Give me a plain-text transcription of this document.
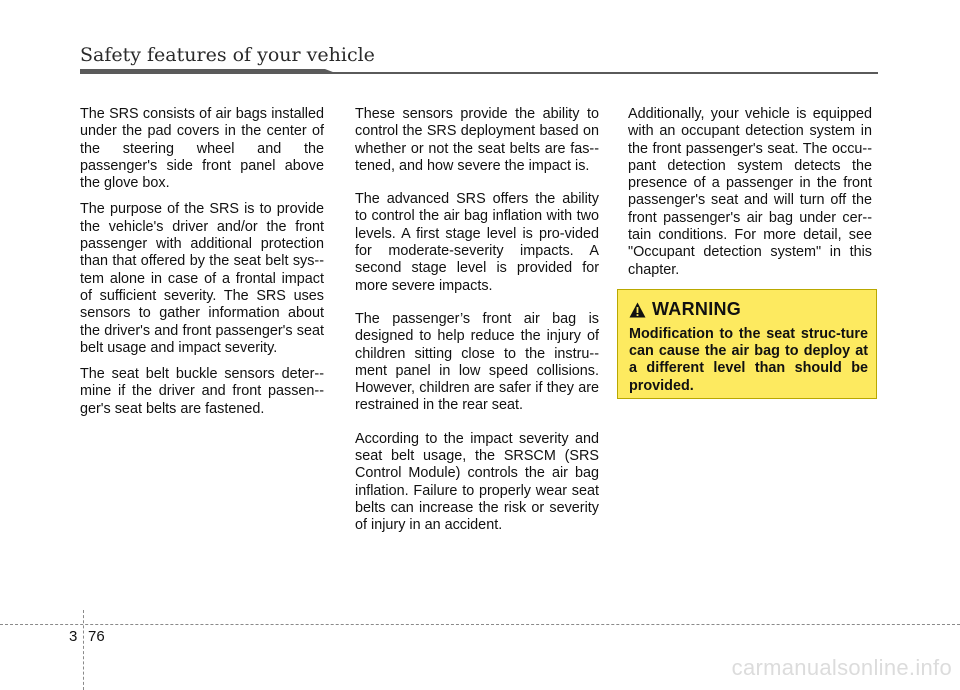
Safety features of your vehicle

The SRS consists of air bags installed under the pad covers in the center of the steering wheel and the passenger's side front panel above the glove box.

The purpose of the SRS is to provide the vehicle's driver and/or the front passenger with additional protection than that offered by the seat belt sys-tem alone in case of a frontal impact of sufficient severity. The SRS uses sensors to gather information about the driver's and front passenger's seat belt usage and impact severity.

The seat belt buckle sensors deter-mine if the driver and front passen-ger's seat belts are fastened.

These sensors provide the ability to control the SRS deployment based on whether or not the seat belts are fas-tened, and how severe the impact is.

The advanced SRS offers the ability to control the air bag inflation with two levels. A first stage level is pro-vided for moderate-severity impacts. A second stage level is provided for more severe impacts.

The passenger’s front air bag is designed to help reduce the injury of children sitting close to the instru-ment panel in low speed collisions. However, children are safer if they are restrained in the rear seat.

According to the impact severity and seat belt usage, the SRSCM (SRS Control Module) controls the air bag inflation. Failure to properly wear seat belts can increase the risk or severity of injury in an accident.

Additionally, your vehicle is equipped with an occupant detection system in the front passenger's seat. The occu-pant detection system detects the presence of a passenger in the front passenger's seat and will turn off the front passenger's air bag under cer-tain conditions. For more detail, see "Occupant detection system" in this chapter.

WARNING

Modification to the seat struc-ture can cause the air bag to deploy at a different level than should be provided.

3 76
carmanualsonline.info
